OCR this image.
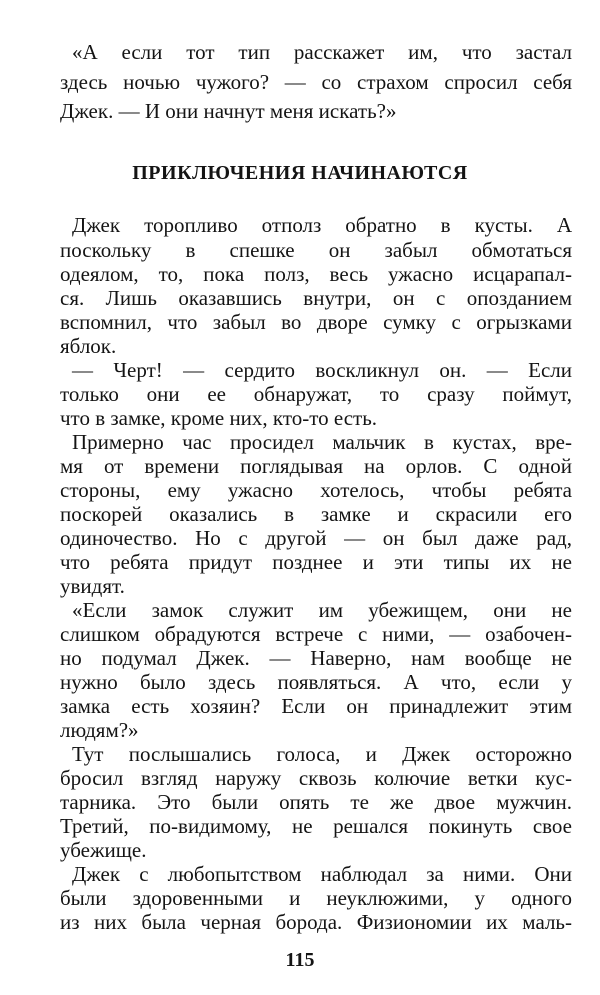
«А если тот тип расскажет им, что застал
здесь ночью чужого? — со страхом спросил себя
Джек. — И они начнут меня искать?»
ПРИКЛЮЧЕНИЯ НАЧИНАЮТСЯ
Джек торопливо отполз обратно в кусты. А
поскольку в спешке он забыл обмотаться
одеялом, то, пока полз, весь ужасно исцарапал-
ся. Лишь оказавшись внутри, он с опозданием
вспомнил, что забыл во дворе сумку с огрызками
яблок.
— Черт! — сердито воскликнул он. — Если
только они ее обнаружат, то сразу поймут,
что в замке, кроме них, кто-то есть.
Примерно час просидел мальчик в кустах, вре-
мя от времени поглядывая на орлов. С одной
стороны, ему ужасно хотелось, чтобы ребята
поскорей оказались в замке и скрасили его
одиночество. Но с другой — он был даже рад,
что ребята придут позднее и эти типы их не
увидят.
«Если замок служит им убежищем, они не
слишком обрадуются встрече с ними, — озабочен-
но подумал Джек. — Наверно, нам вообще не
нужно было здесь появляться. А что, если у
замка есть хозяин? Если он принадлежит этим
людям?»
Тут послышались голоса, и Джек осторожно
бросил взгляд наружу сквозь колючие ветки кус-
тарника. Это были опять те же двое мужчин.
Третий, по-видимому, не решался покинуть свое
убежище.
Джек с любопытством наблюдал за ними. Они
были здоровенными и неуклюжими, у одного
из них была черная борода. Физиономии их маль-
115
